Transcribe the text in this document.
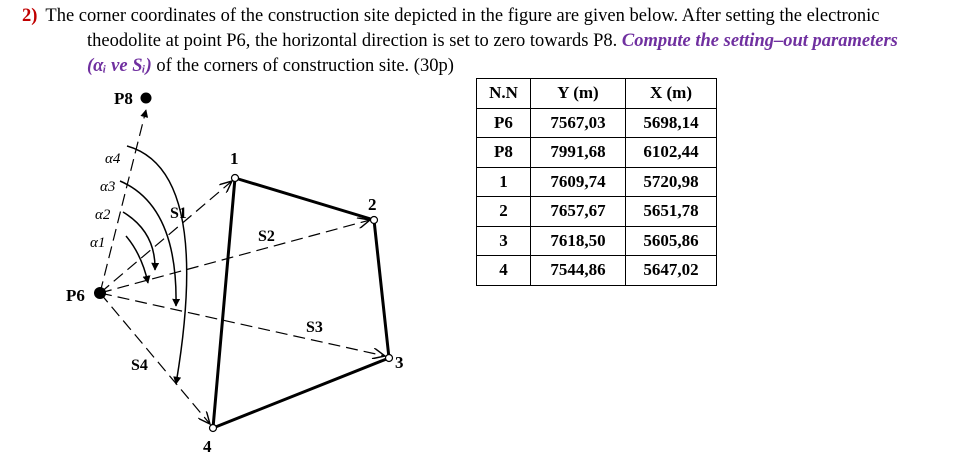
2) The corner coordinates of the construction site depicted in the figure are given below. After setting the electronic
theodolite at point P6, the horizontal direction is set to zero towards P8. Compute the setting–out parameters
(αᵢ ve Sᵢ) of the corners of construction site. (30p)
P8
P6
1
2
3
4
α1
α2
α3
α4
S1
S2
S3
S4
N.N	Y (m)	X (m)
P6	7567,03	5698,14
P8	7991,68	6102,44
1	7609,74	5720,98
2	7657,67	5651,78
3	7618,50	5605,86
4	7544,86	5647,02
